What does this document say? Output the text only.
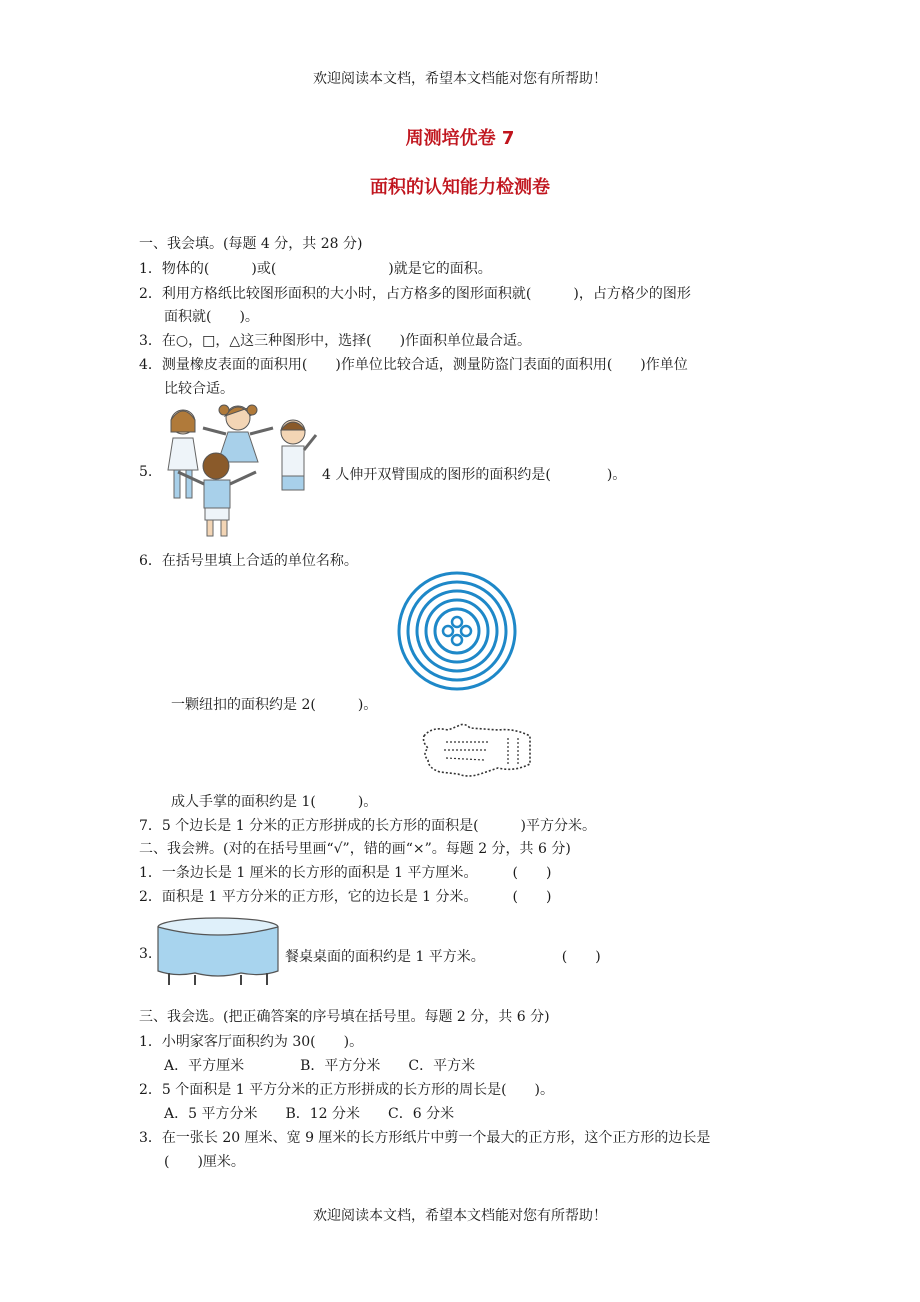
欢迎阅读本文档，希望本文档能对您有所帮助！
周测培优卷 7
面积的认知能力检测卷
一、我会填。(每题 4 分，共 28 分)
1．物体的(　　　)或(　　　　　　　　)就是它的面积。
2．利用方格纸比较图形面积的大小时，占方格多的图形面积就(　　　)，占方格少的图形
面积就(　　)。
3．在○，□，△这三种图形中，选择(　　)作面积单位最合适。
4．测量橡皮表面的面积用(　　)作单位比较合适，测量防盗门表面的面积用(　　)作单位
比较合适。
5.	4 人伸开双臂围成的图形的面积约是(　　　　)。
6．在括号里填上合适的单位名称。
一颗纽扣的面积约是 2(　　　)。
成人手掌的面积约是 1(　　　)。
7．5 个边长是 1 分米的正方形拼成的长方形的面积是(　　　)平方分米。
二、我会辨。(对的在括号里画“√”，错的画“×”。每题 2 分，共 6 分)
1．一条边长是 1 厘米的长方形的面积是 1 平方厘米。　　　(　　)
2．面积是 1 平方分米的正方形，它的边长是 1 分米。　　　(　　)
3.	餐桌桌面的面积约是 1 平方米。　　　　　　(　　)
三、我会选。(把正确答案的序号填在括号里。每题 2 分，共 6 分)
1．小明家客厅面积约为 30(　　)。
A．平方厘米　　　　B．平方分米　　C．平方米
2．5 个面积是 1 平方分米的正方形拼成的长方形的周长是(　　)。
A．5 平方分米　　B．12 分米　　C．6 分米
3．在一张长 20 厘米、宽 9 厘米的长方形纸片中剪一个最大的正方形，这个正方形的边长是
(　　)厘米。
欢迎阅读本文档，希望本文档能对您有所帮助！
